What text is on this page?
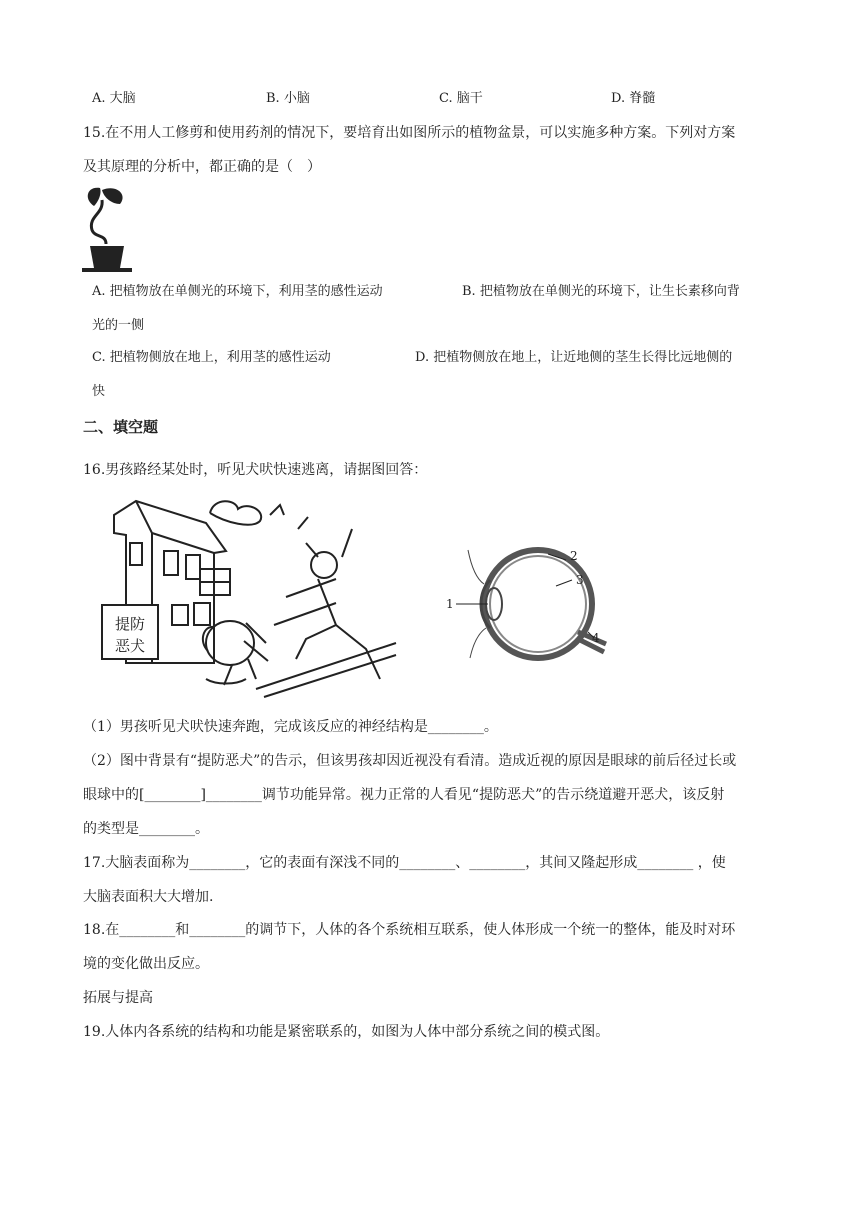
A. 大脑	B. 小脑	C. 脑干	D. 脊髓
15.在不用人工修剪和使用药剂的情况下，要培育出如图所示的植物盆景，可以实施多种方案。下列对方案
及其原理的分析中，都正确的是（　）
A. 把植物放在单侧光的环境下，利用茎的感性运动	B. 把植物放在单侧光的环境下，让生长素移向背
光的一侧
C. 把植物侧放在地上，利用茎的感性运动	D. 把植物侧放在地上，让近地侧的茎生长得比远地侧的
快
二、填空题
16.男孩路经某处时，听见犬吠快速逃离，请据图回答：
提防
恶犬
1
2
3
4
（1）男孩听见犬吠快速奔跑，完成该反应的神经结构是________。
（2）图中背景有“提防恶犬”的告示，但该男孩却因近视没有看清。造成近视的原因是眼球的前后径过长或
眼球中的[________]________调节功能异常。视力正常的人看见“提防恶犬”的告示绕道避开恶犬，该反射
的类型是________。
17.大脑表面称为________，它的表面有深浅不同的________、________，其间又隆起形成________ ，使
大脑表面积大大增加.
18.在________和________的调节下，人体的各个系统相互联系，使人体形成一个统一的整体，能及时对环
境的变化做出反应。
拓展与提高
19.人体内各系统的结构和功能是紧密联系的，如图为人体中部分系统之间的模式图。
